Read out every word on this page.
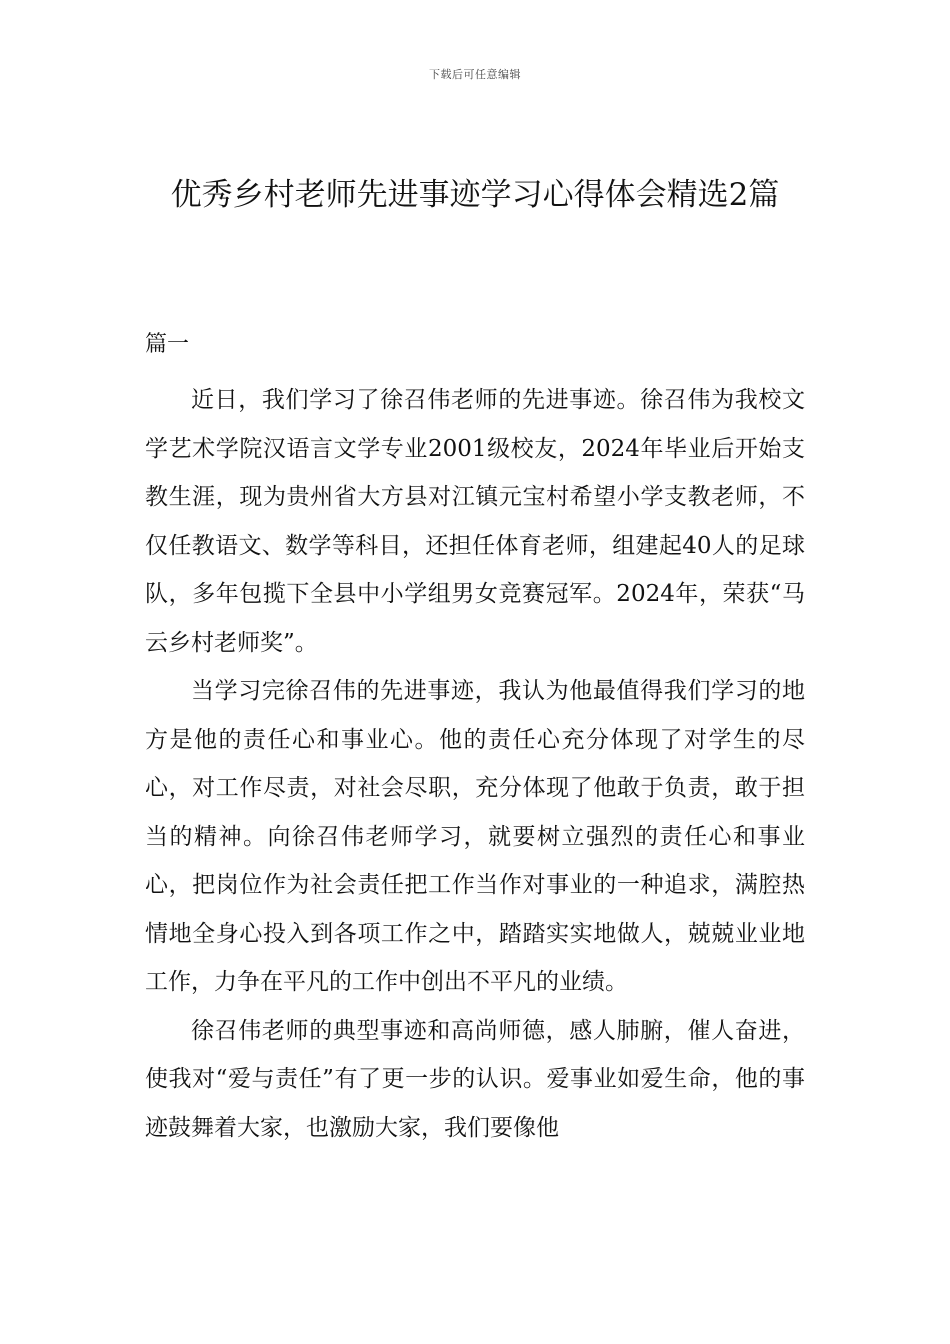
下载后可任意编辑
优秀乡村老师先进事迹学习心得体会精选2篇
篇一

近日，我们学习了徐召伟老师的先进事迹。徐召伟为我校文学艺术学院汉语言文学专业2001级校友，2024年毕业后开始支教生涯，现为贵州省大方县对江镇元宝村希望小学支教老师，不仅任教语文、数学等科目，还担任体育老师，组建起40人的足球队，多年包揽下全县中小学组男女竞赛冠军。2024年，荣获“马云乡村老师奖”。

当学习完徐召伟的先进事迹，我认为他最值得我们学习的地方是他的责任心和事业心。他的责任心充分体现了对学生的尽心，对工作尽责，对社会尽职，充分体现了他敢于负责，敢于担当的精神。向徐召伟老师学习，就要树立强烈的责任心和事业心，把岗位作为社会责任把工作当作对事业的一种追求，满腔热情地全身心投入到各项工作之中，踏踏实实地做人，兢兢业业地工作，力争在平凡的工作中创出不平凡的业绩。

徐召伟老师的典型事迹和高尚师德，感人肺腑，催人奋进，使我对“爱与责任”有了更一步的认识。爱事业如爱生命，他的事迹鼓舞着大家，也激励大家，我们要像他
